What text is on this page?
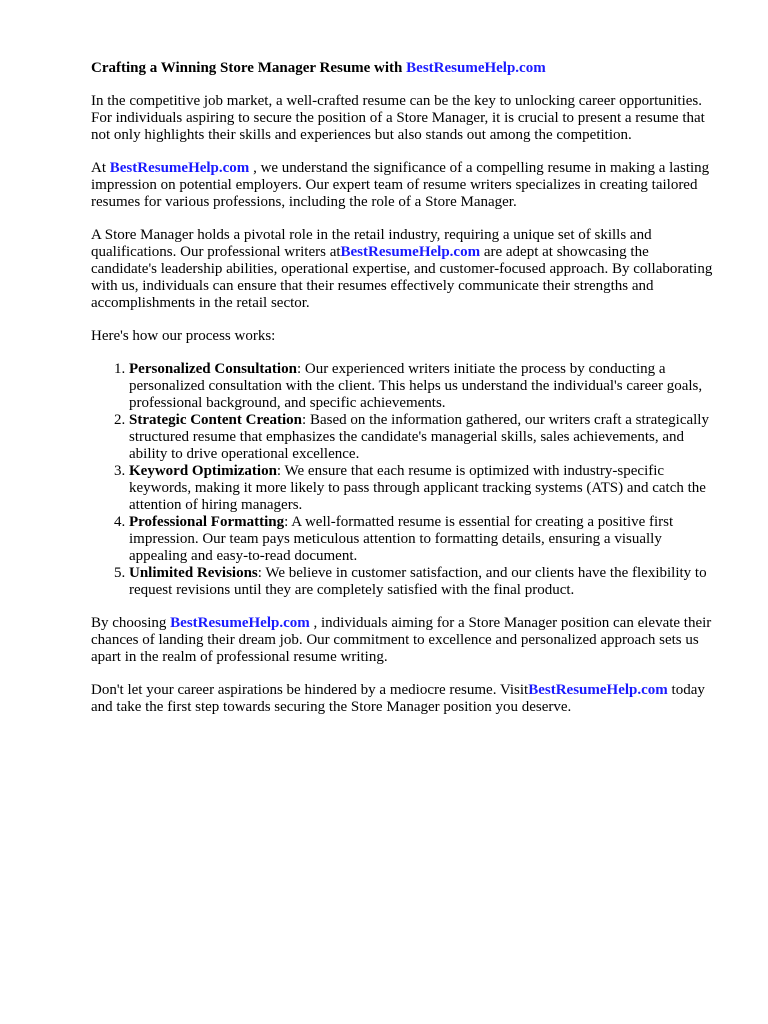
Crafting a Winning Store Manager Resume with BestResumeHelp.com

In the competitive job market, a well-crafted resume can be the key to unlocking career opportunities. For individuals aspiring to secure the position of a Store Manager, it is crucial to present a resume that not only highlights their skills and experiences but also stands out among the competition.

At BestResumeHelp.com , we understand the significance of a compelling resume in making a lasting impression on potential employers. Our expert team of resume writers specializes in creating tailored resumes for various professions, including the role of a Store Manager.

A Store Manager holds a pivotal role in the retail industry, requiring a unique set of skills and qualifications. Our professional writers atBestResumeHelp.com are adept at showcasing the candidate's leadership abilities, operational expertise, and customer-focused approach. By collaborating with us, individuals can ensure that their resumes effectively communicate their strengths and accomplishments in the retail sector.

Here's how our process works:

1. Personalized Consultation: Our experienced writers initiate the process by conducting a personalized consultation with the client. This helps us understand the individual's career goals, professional background, and specific achievements.
2. Strategic Content Creation: Based on the information gathered, our writers craft a strategically structured resume that emphasizes the candidate's managerial skills, sales achievements, and ability to drive operational excellence.
3. Keyword Optimization: We ensure that each resume is optimized with industry-specific keywords, making it more likely to pass through applicant tracking systems (ATS) and catch the attention of hiring managers.
4. Professional Formatting: A well-formatted resume is essential for creating a positive first impression. Our team pays meticulous attention to formatting details, ensuring a visually appealing and easy-to-read document.
5. Unlimited Revisions: We believe in customer satisfaction, and our clients have the flexibility to request revisions until they are completely satisfied with the final product.

By choosing BestResumeHelp.com , individuals aiming for a Store Manager position can elevate their chances of landing their dream job. Our commitment to excellence and personalized approach sets us apart in the realm of professional resume writing.

Don't let your career aspirations be hindered by a mediocre resume. VisitBestResumeHelp.com today and take the first step towards securing the Store Manager position you deserve.
